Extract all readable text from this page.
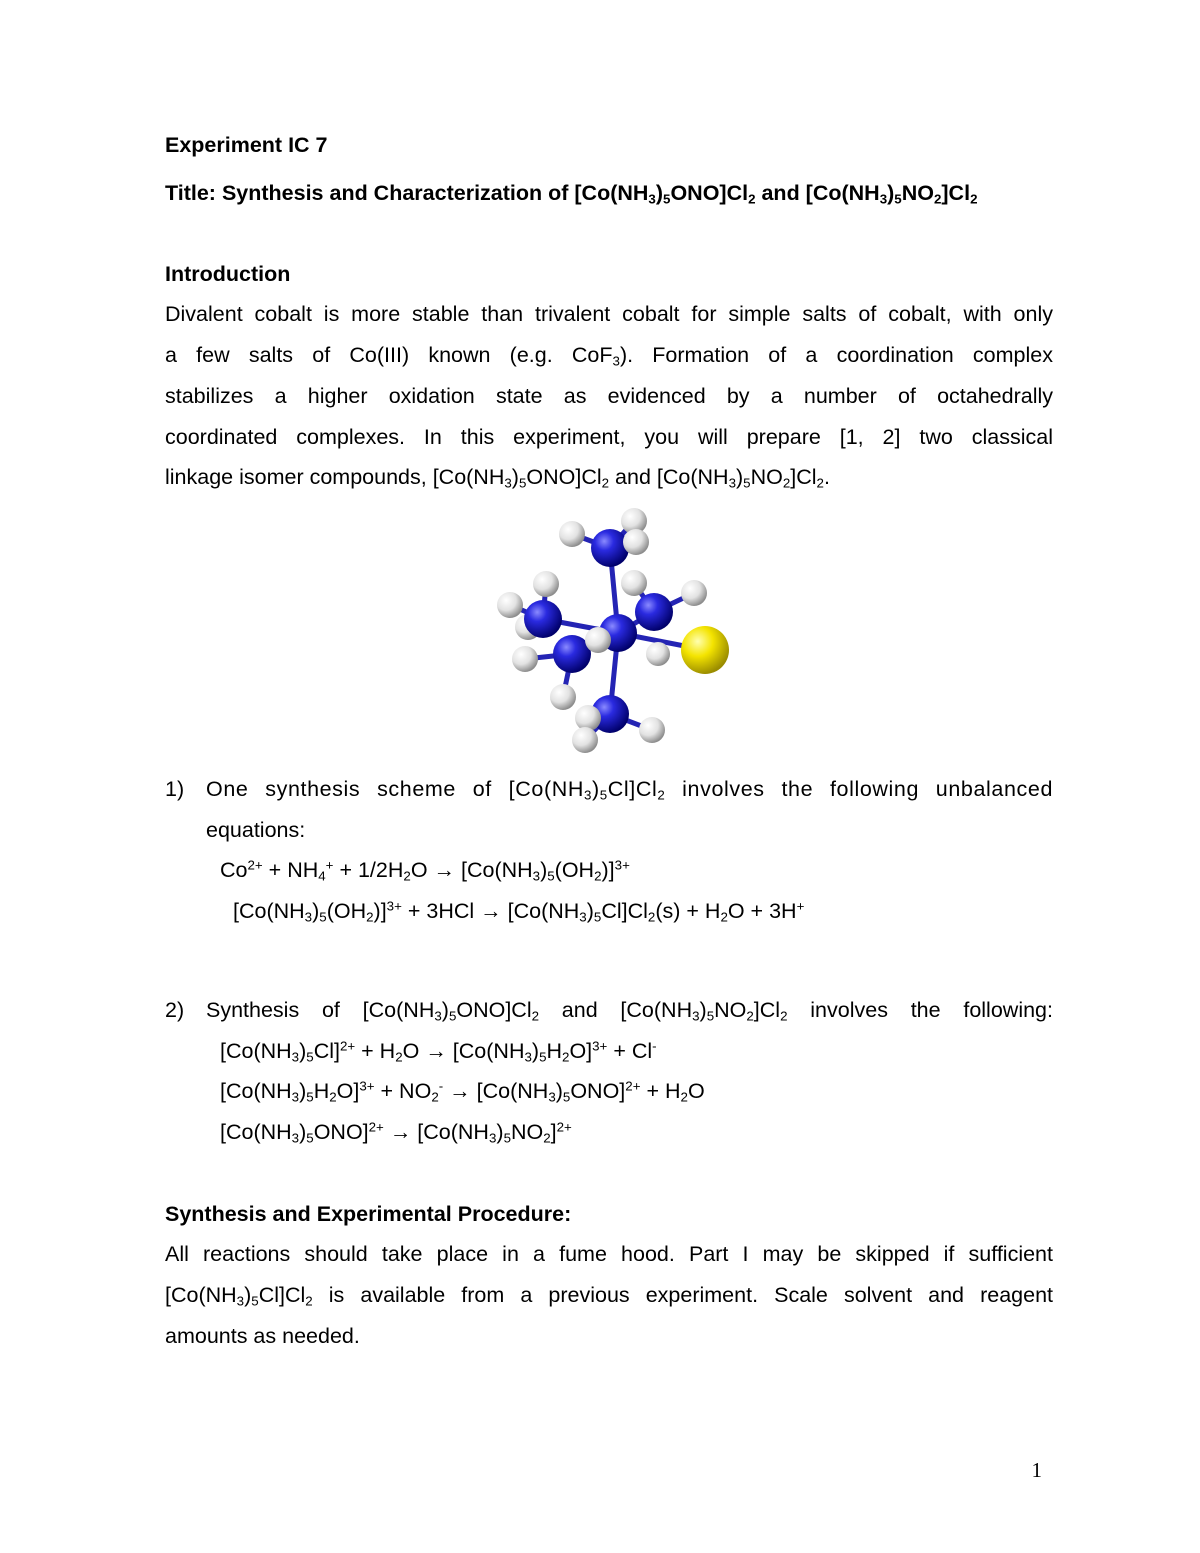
Experiment IC 7
Title: Synthesis and Characterization of $[Co(NH_3)_5ONO]Cl_2$ and $[Co(NH_3)_5NO_2]Cl_2$
Introduction
Divalent cobalt is more stable than trivalent cobalt for simple salts of cobalt, with only
a few salts of Co(III) known (e.g. CoF$_3$). Formation of a coordination complex
stabilizes a higher oxidation state as evidenced by a number of octahedrally
coordinated complexes. In this experiment, you will prepare [1, 2] two classical
linkage isomer compounds, $[Co(NH_3)_5ONO]Cl_2$ and $[Co(NH_3)_5NO_2]Cl_2$.
1) One synthesis scheme of $[Co(NH_3)_5Cl]Cl_2$ involves the following unbalanced
equations:
$Co^{2+} + NH_4^+ + 1/2H_2O \to [Co(NH_3)_5(OH_2)]^{3+}$
$[Co(NH_3)_5(OH_2)]^{3+} + 3HCl \to [Co(NH_3)_5Cl]Cl_2(s) + H_2O + 3H^+$
2) Synthesis of $[Co(NH_3)_5ONO]Cl_2$ and $[Co(NH_3)_5NO_2]Cl_2$ involves the following:
$[Co(NH_3)_5Cl]^{2+} + H_2O \to [Co(NH_3)_5H_2O]^{3+} + Cl^-$
$[Co(NH_3)_5H_2O]^{3+} + NO_2^- \to [Co(NH_3)_5ONO]^{2+} + H_2O$
$[Co(NH_3)_5ONO]^{2+} \to [Co(NH_3)_5NO_2]^{2+}$
Synthesis and Experimental Procedure:
All reactions should take place in a fume hood. Part I may be skipped if sufficient
$[Co(NH_3)_5Cl]Cl_2$ is available from a previous experiment. Scale solvent and reagent
amounts as needed.
1
